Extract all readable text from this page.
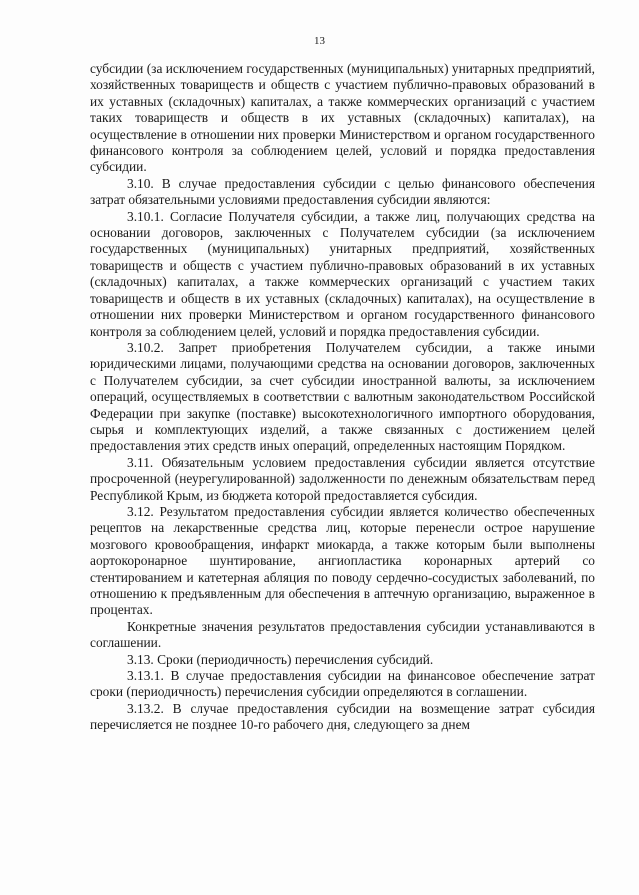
13

субсидии (за исключением государственных (муниципальных) унитарных предприятий, хозяйственных товариществ и обществ с участием публично-правовых образований в их уставных (складочных) капиталах, а также коммерческих организаций с участием таких товариществ и обществ в их уставных (складочных) капиталах), на осуществление в отношении них проверки Министерством и органом государственного финансового контроля за соблюдением целей, условий и порядка предоставления субсидии.

3.10. В случае предоставления субсидии с целью финансового обеспечения затрат обязательными условиями предоставления субсидии являются:

3.10.1. Согласие Получателя субсидии, а также лиц, получающих средства на основании договоров, заключенных с Получателем субсидии (за исключением государственных (муниципальных) унитарных предприятий, хозяйственных товариществ и обществ с участием публично-правовых образований в их уставных (складочных) капиталах, а также коммерческих организаций с участием таких товариществ и обществ в их уставных (складочных) капиталах), на осуществление в отношении них проверки Министерством и органом государственного финансового контроля за соблюдением целей, условий и порядка предоставления субсидии.

3.10.2. Запрет приобретения Получателем субсидии, а также иными юридическими лицами, получающими средства на основании договоров, заключенных с Получателем субсидии, за счет субсидии иностранной валюты, за исключением операций, осуществляемых в соответствии с валютным законодательством Российской Федерации при закупке (поставке) высокотехнологичного импортного оборудования, сырья и комплектующих изделий, а также связанных с достижением целей предоставления этих средств иных операций, определенных настоящим Порядком.

3.11. Обязательным условием предоставления субсидии является отсутствие просроченной (неурегулированной) задолженности по денежным обязательствам перед Республикой Крым, из бюджета которой предоставляется субсидия.

3.12. Результатом предоставления субсидии является количество обеспеченных рецептов на лекарственные средства лиц, которые перенесли острое нарушение мозгового кровообращения, инфаркт миокарда, а также которым были выполнены аортокоронарное шунтирование, ангиопластика коронарных артерий со стентированием и катетерная абляция по поводу сердечно-сосудистых заболеваний, по отношению к предъявленным для обеспечения в аптечную организацию, выраженное в процентах.

Конкретные значения результатов предоставления субсидии устанавливаются в соглашении.

3.13. Сроки (периодичность) перечисления субсидий.

3.13.1. В случае предоставления субсидии на финансовое обеспечение затрат сроки (периодичность) перечисления субсидии определяются в соглашении.

3.13.2. В случае предоставления субсидии на возмещение затрат субсидия перечисляется не позднее 10-го рабочего дня, следующего за днем
